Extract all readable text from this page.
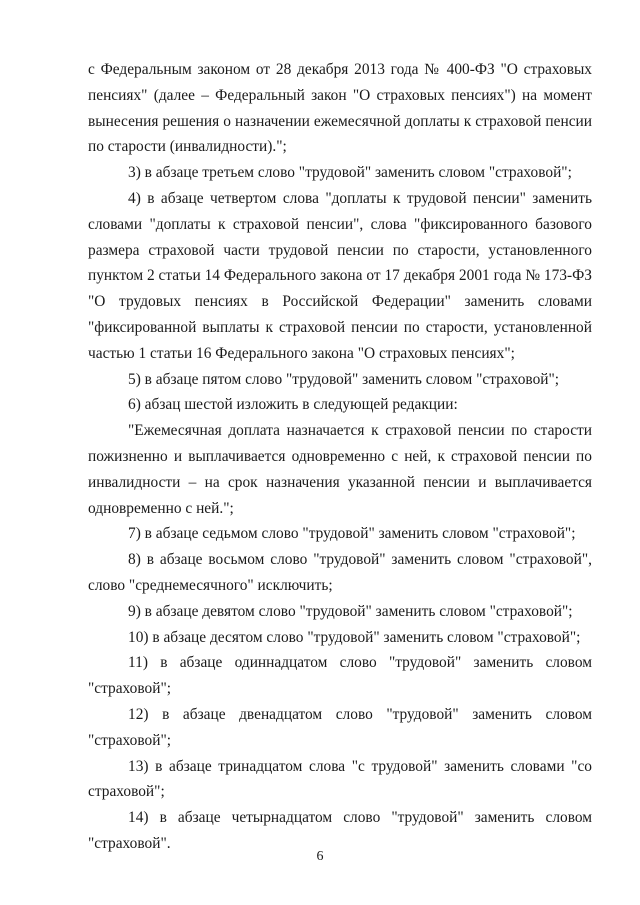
с Федеральным законом от 28 декабря 2013 года № 400-ФЗ "О страховых пенсиях" (далее – Федеральный закон "О страховых пенсиях") на момент вынесения решения о назначении ежемесячной доплаты к страховой пенсии по старости (инвалидности).";

3) в абзаце третьем слово "трудовой" заменить словом "страховой";

4) в абзаце четвертом слова "доплаты к трудовой пенсии" заменить словами "доплаты к страховой пенсии", слова "фиксированного базового размера страховой части трудовой пенсии по старости, установленного пунктом 2 статьи 14 Федерального закона от 17 декабря 2001 года № 173-ФЗ "О трудовых пенсиях в Российской Федерации" заменить словами "фиксированной выплаты к страховой пенсии по старости, установленной частью 1 статьи 16 Федерального закона "О страховых пенсиях";

5) в абзаце пятом слово "трудовой" заменить словом "страховой";

6) абзац шестой изложить в следующей редакции:

"Ежемесячная доплата назначается к страховой пенсии по старости пожизненно и выплачивается одновременно с ней, к страховой пенсии по инвалидности – на срок назначения указанной пенсии и выплачивается одновременно с ней.";

7) в абзаце седьмом слово "трудовой" заменить словом "страховой";

8) в абзаце восьмом слово "трудовой" заменить словом "страховой", слово "среднемесячного" исключить;

9) в абзаце девятом слово "трудовой" заменить словом "страховой";

10) в абзаце десятом слово "трудовой" заменить словом "страховой";

11) в абзаце одиннадцатом слово "трудовой" заменить словом "страховой";

12) в абзаце двенадцатом слово "трудовой" заменить словом "страховой";

13) в абзаце тринадцатом слова "с трудовой" заменить словами "со страховой";

14) в абзаце четырнадцатом слово "трудовой" заменить словом "страховой".

6
